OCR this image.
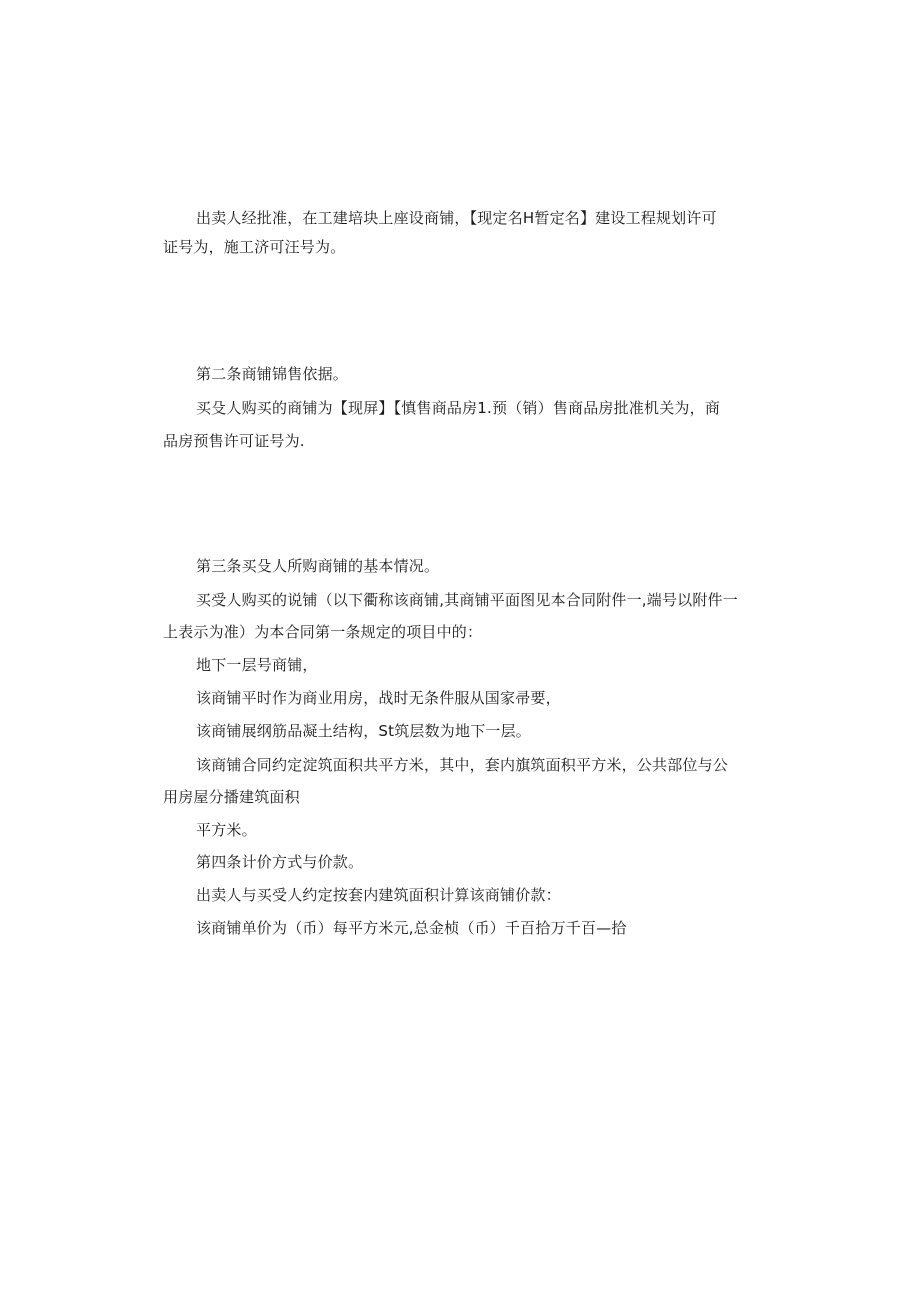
出卖人经批准，在工建培块上座设商铺，【现定名H暂定名】建设工程规划许可
证号为，施工济可汪号为。
第二条商铺锦售依据。
买殳人购买的商铺为【现屏】【慎售商品房1.预（销）售商品房批准机关为，商
品房预售许可证号为.
第三条买殳人所购商铺的基本情况。
买受人购买的说铺（以下衢称该商铺,其商铺平面图见本合同附件一,端号以附件一
上表示为准）为本合同第一条规定的项目中的：
地下一层号商铺，
该商铺平时作为商业用房，战时无条件服从国家帚要，
该商铺展纲筋品凝土结构，St筑层数为地下一层。
该商铺合同约定淀筑面积共平方米，其中，套内旗筑面积平方米，公共部位与公
用房屋分播建筑面积
平方米。
第四条计价方式与价款。
出卖人与买受人约定按套内建筑面积计算该商铺价款：
该商铺单价为（币）每平方米元,总金桢（币）千百拾万千百—拾
